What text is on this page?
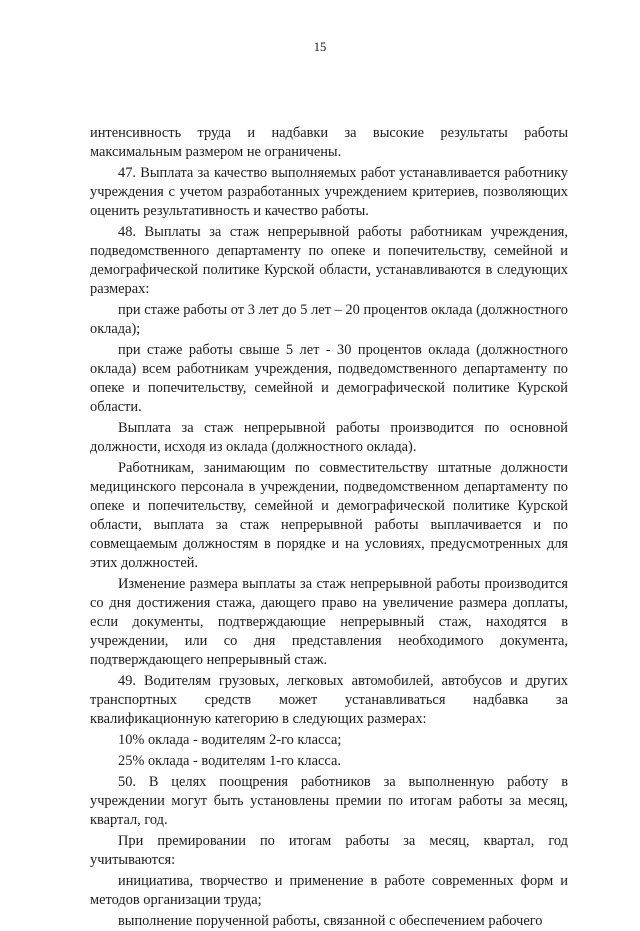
15

интенсивность труда и надбавки за высокие результаты работы максимальным размером не ограничены.

47. Выплата за качество выполняемых работ устанавливается работнику учреждения с учетом разработанных учреждением критериев, позволяющих оценить результативность и качество работы.

48. Выплаты за стаж непрерывной работы работникам учреждения, подведомственного департаменту по опеке и попечительству, семейной и демографической политике Курской области, устанавливаются в следующих размерах:

при стаже работы от 3 лет до 5 лет – 20 процентов оклада (должностного оклада);

при стаже работы свыше 5 лет - 30 процентов оклада (должностного оклада) всем работникам учреждения, подведомственного департаменту по опеке и попечительству, семейной и демографической политике Курской области.

Выплата за стаж непрерывной работы производится по основной должности, исходя из оклада (должностного оклада).

Работникам, занимающим по совместительству штатные должности медицинского персонала в учреждении, подведомственном департаменту по опеке и попечительству, семейной и демографической политике Курской области, выплата за стаж непрерывной работы выплачивается и по совмещаемым должностям в порядке и на условиях, предусмотренных для этих должностей.

Изменение размера выплаты за стаж непрерывной работы производится со дня достижения стажа, дающего право на увеличение размера доплаты, если документы, подтверждающие непрерывный стаж, находятся в учреждении, или со дня представления необходимого документа, подтверждающего непрерывный стаж.

49. Водителям грузовых, легковых автомобилей, автобусов и других транспортных средств может устанавливаться надбавка за квалификационную категорию в следующих размерах:

10% оклада - водителям 2-го класса;

25% оклада - водителям 1-го класса.

50. В целях поощрения работников за выполненную работу в учреждении могут быть установлены премии по итогам работы за месяц, квартал, год.

При премировании по итогам работы за месяц, квартал, год учитываются:

инициатива, творчество и применение в работе современных форм и методов организации труда;

выполнение порученной работы, связанной с обеспечением рабочего
